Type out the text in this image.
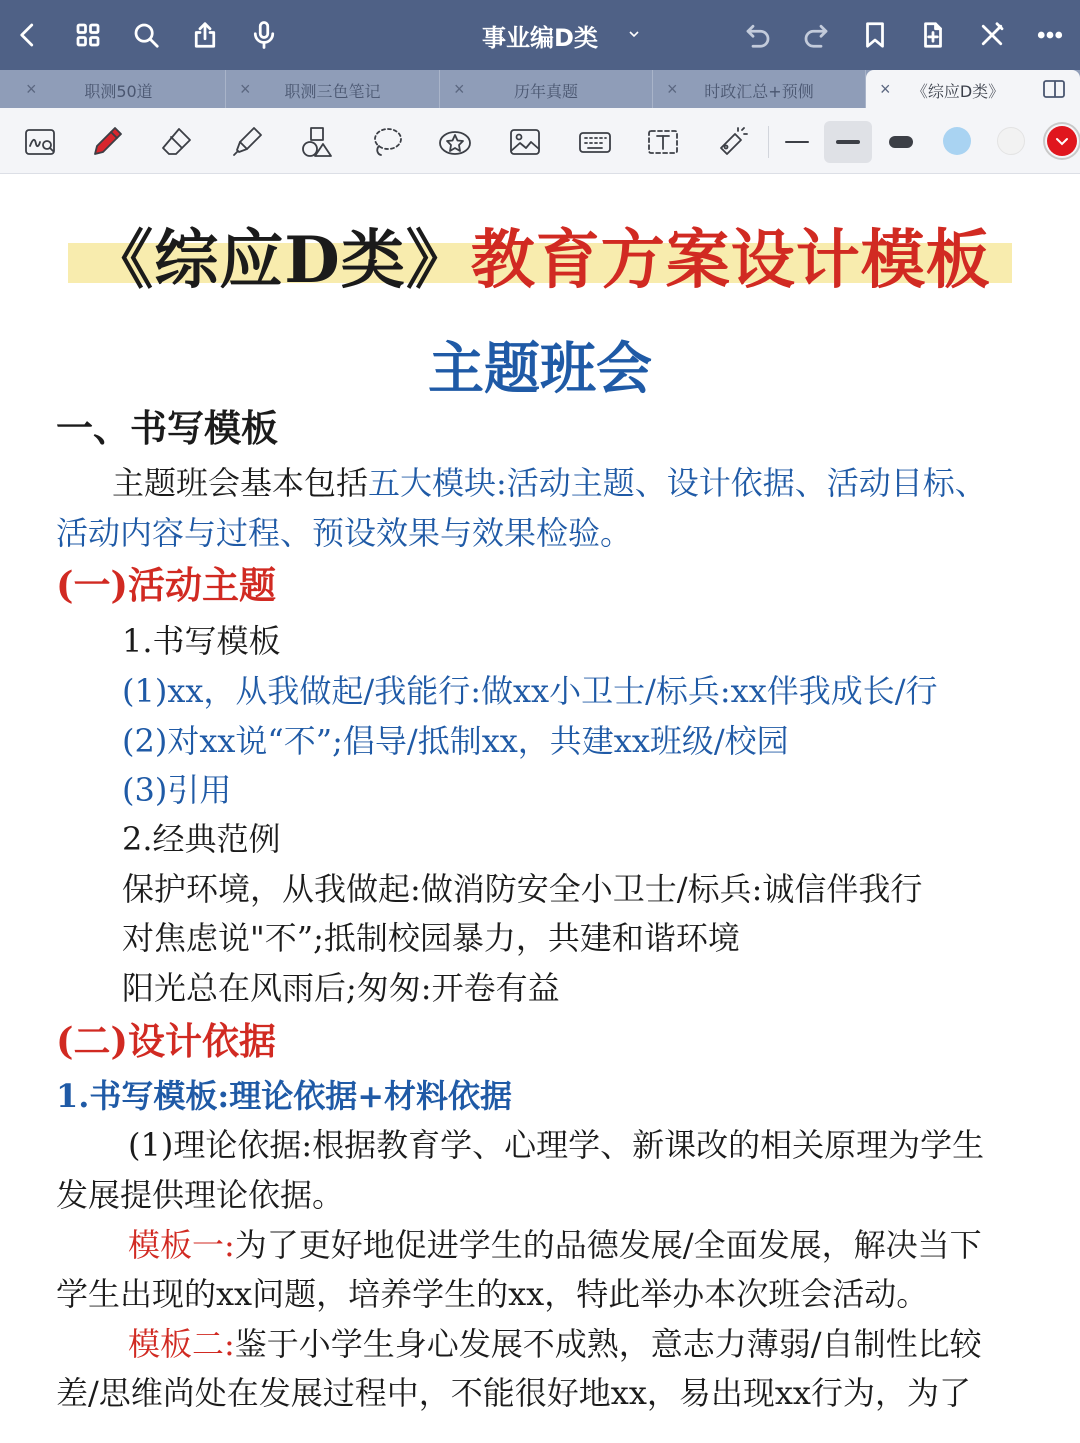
事业编D类
×	职测50道	×	职测三色笔记	×	历年真题	×	时政汇总+预侧	×	《综应D类》
《综应D类》教育方案设计模板
主题班会
一、书写模板
主题班会基本包括五大模块:活动主题、设计依据、活动目标、
活动内容与过程、预设效果与效果检验。
(一)活动主题
1.书写模板
(1)xx，从我做起/我能行:做xx小卫士/标兵:xx伴我成长/行
(2)对xx说“不”;倡导/抵制xx，共建xx班级/校园
(3)引用
2.经典范例
保护环境，从我做起:做消防安全小卫士/标兵:诚信伴我行
对焦虑说"不”;抵制校园暴力，共建和谐环境
阳光总在风雨后;匆匆:开卷有益
(二)设计依据
1.书写模板:理论依据+材料依据
(1)理论依据:根据教育学、心理学、新课改的相关原理为学生
发展提供理论依据。
模板一:为了更好地促进学生的品德发展/全面发展，解决当下
学生出现的xx问题，培养学生的xx，特此举办本次班会活动。
模板二:鉴于小学生身心发展不成熟，意志力薄弱/自制性比较
差/思维尚处在发展过程中，不能很好地xx，易出现xx行为，为了
